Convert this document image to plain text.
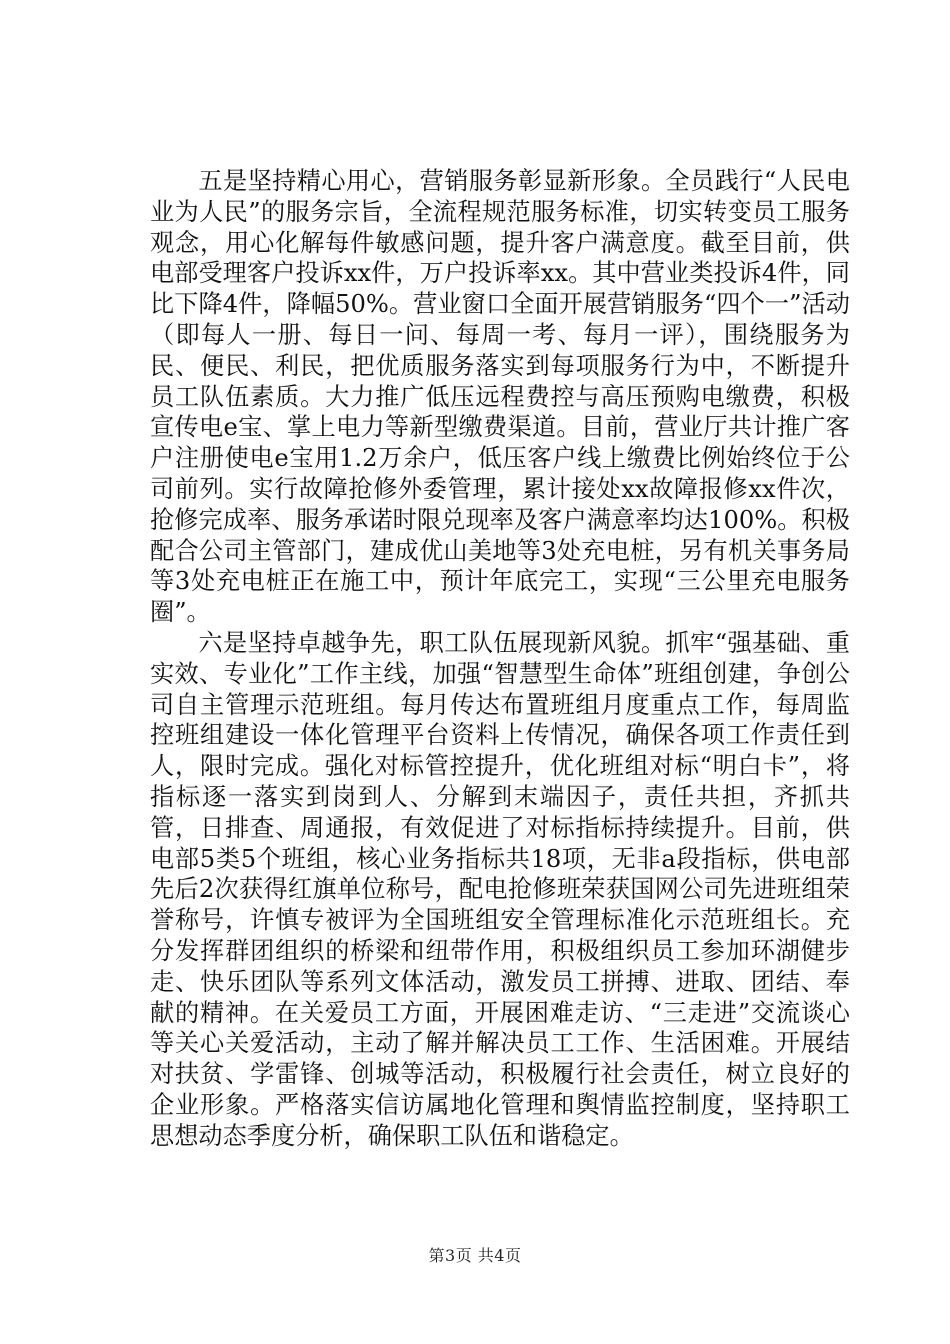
五是坚持精心用心，营销服务彰显新形象。全员践行“人民电业为人民”的服务宗旨，全流程规范服务标准，切实转变员工服务观念，用心化解每件敏感问题，提升客户满意度。截至目前，供电部受理客户投诉xx件，万户投诉率xx。其中营业类投诉4件，同比下降4件，降幅50%。营业窗口全面开展营销服务“四个一”活动（即每人一册、每日一问、每周一考、每月一评），围绕服务为民、便民、利民，把优质服务落实到每项服务行为中，不断提升员工队伍素质。大力推广低压远程费控与高压预购电缴费，积极宣传电e宝、掌上电力等新型缴费渠道。目前，营业厅共计推广客户注册使电e宝用1.2万余户，低压客户线上缴费比例始终位于公司前列。实行故障抢修外委管理，累计接处xx故障报修xx件次，抢修完成率、服务承诺时限兑现率及客户满意率均达100%。积极配合公司主管部门，建成优山美地等3处充电桩，另有机关事务局等3处充电桩正在施工中，预计年底完工，实现“三公里充电服务圈”。

六是坚持卓越争先，职工队伍展现新风貌。抓牢“强基础、重实效、专业化”工作主线，加强“智慧型生命体”班组创建，争创公司自主管理示范班组。每月传达布置班组月度重点工作，每周监控班组建设一体化管理平台资料上传情况，确保各项工作责任到人，限时完成。强化对标管控提升，优化班组对标“明白卡”，将指标逐一落实到岗到人、分解到末端因子，责任共担，齐抓共管，日排查、周通报，有效促进了对标指标持续提升。目前，供电部5类5个班组，核心业务指标共18项，无非a段指标，供电部先后2次获得红旗单位称号，配电抢修班荣获国网公司先进班组荣誉称号，许慎专被评为全国班组安全管理标准化示范班组长。充分发挥群团组织的桥梁和纽带作用，积极组织员工参加环湖健步走、快乐团队等系列文体活动，激发员工拼搏、进取、团结、奉献的精神。在关爱员工方面，开展困难走访、“三走进”交流谈心等关心关爱活动，主动了解并解决员工工作、生活困难。开展结对扶贫、学雷锋、创城等活动，积极履行社会责任，树立良好的企业形象。严格落实信访属地化管理和舆情监控制度，坚持职工思想动态季度分析，确保职工队伍和谐稳定。

第3页 共4页
